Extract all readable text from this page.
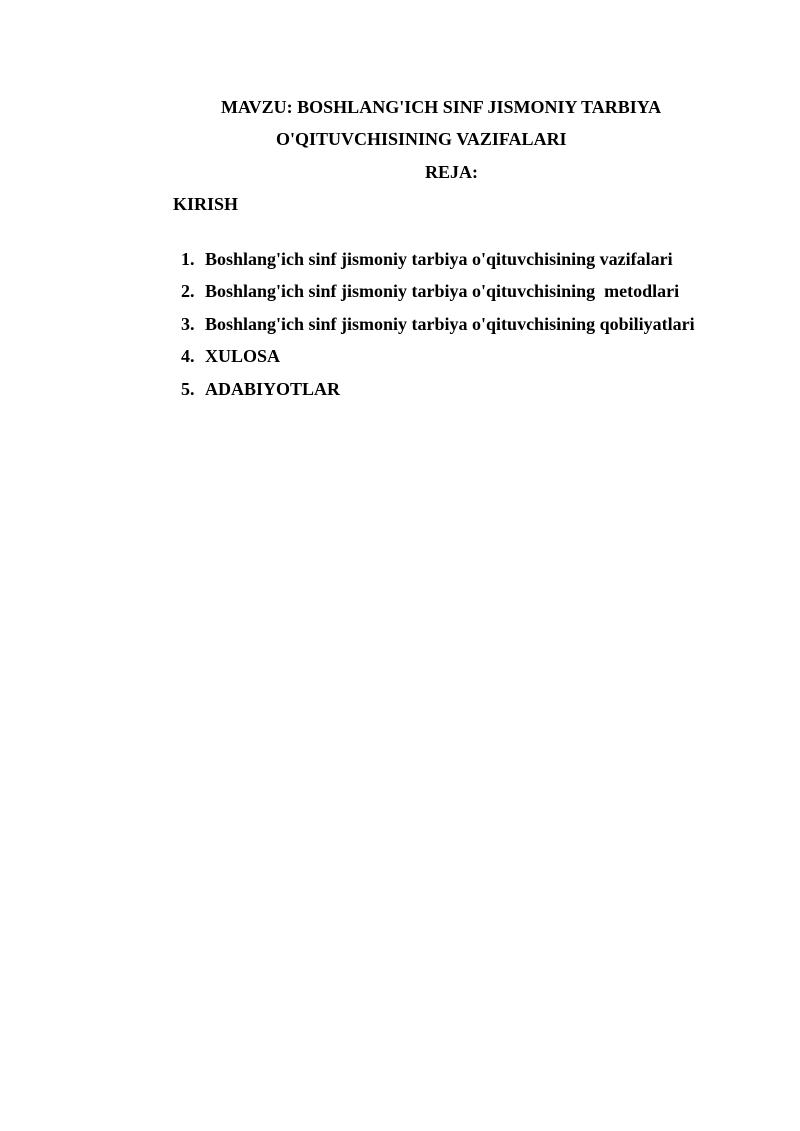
MAVZU: BOSHLANG'ICH SINF JISMONIY TARBIYA
O'QITUVCHISINING VAZIFALARI
REJA:
KIRISH

1. Boshlang'ich sinf jismoniy tarbiya o'qituvchisining vazifalari

2. Boshlang'ich sinf jismoniy tarbiya o'qituvchisining  metodlari

3. Boshlang'ich sinf jismoniy tarbiya o'qituvchisining qobiliyatlari

4. XULOSA

5. ADABIYOTLAR
